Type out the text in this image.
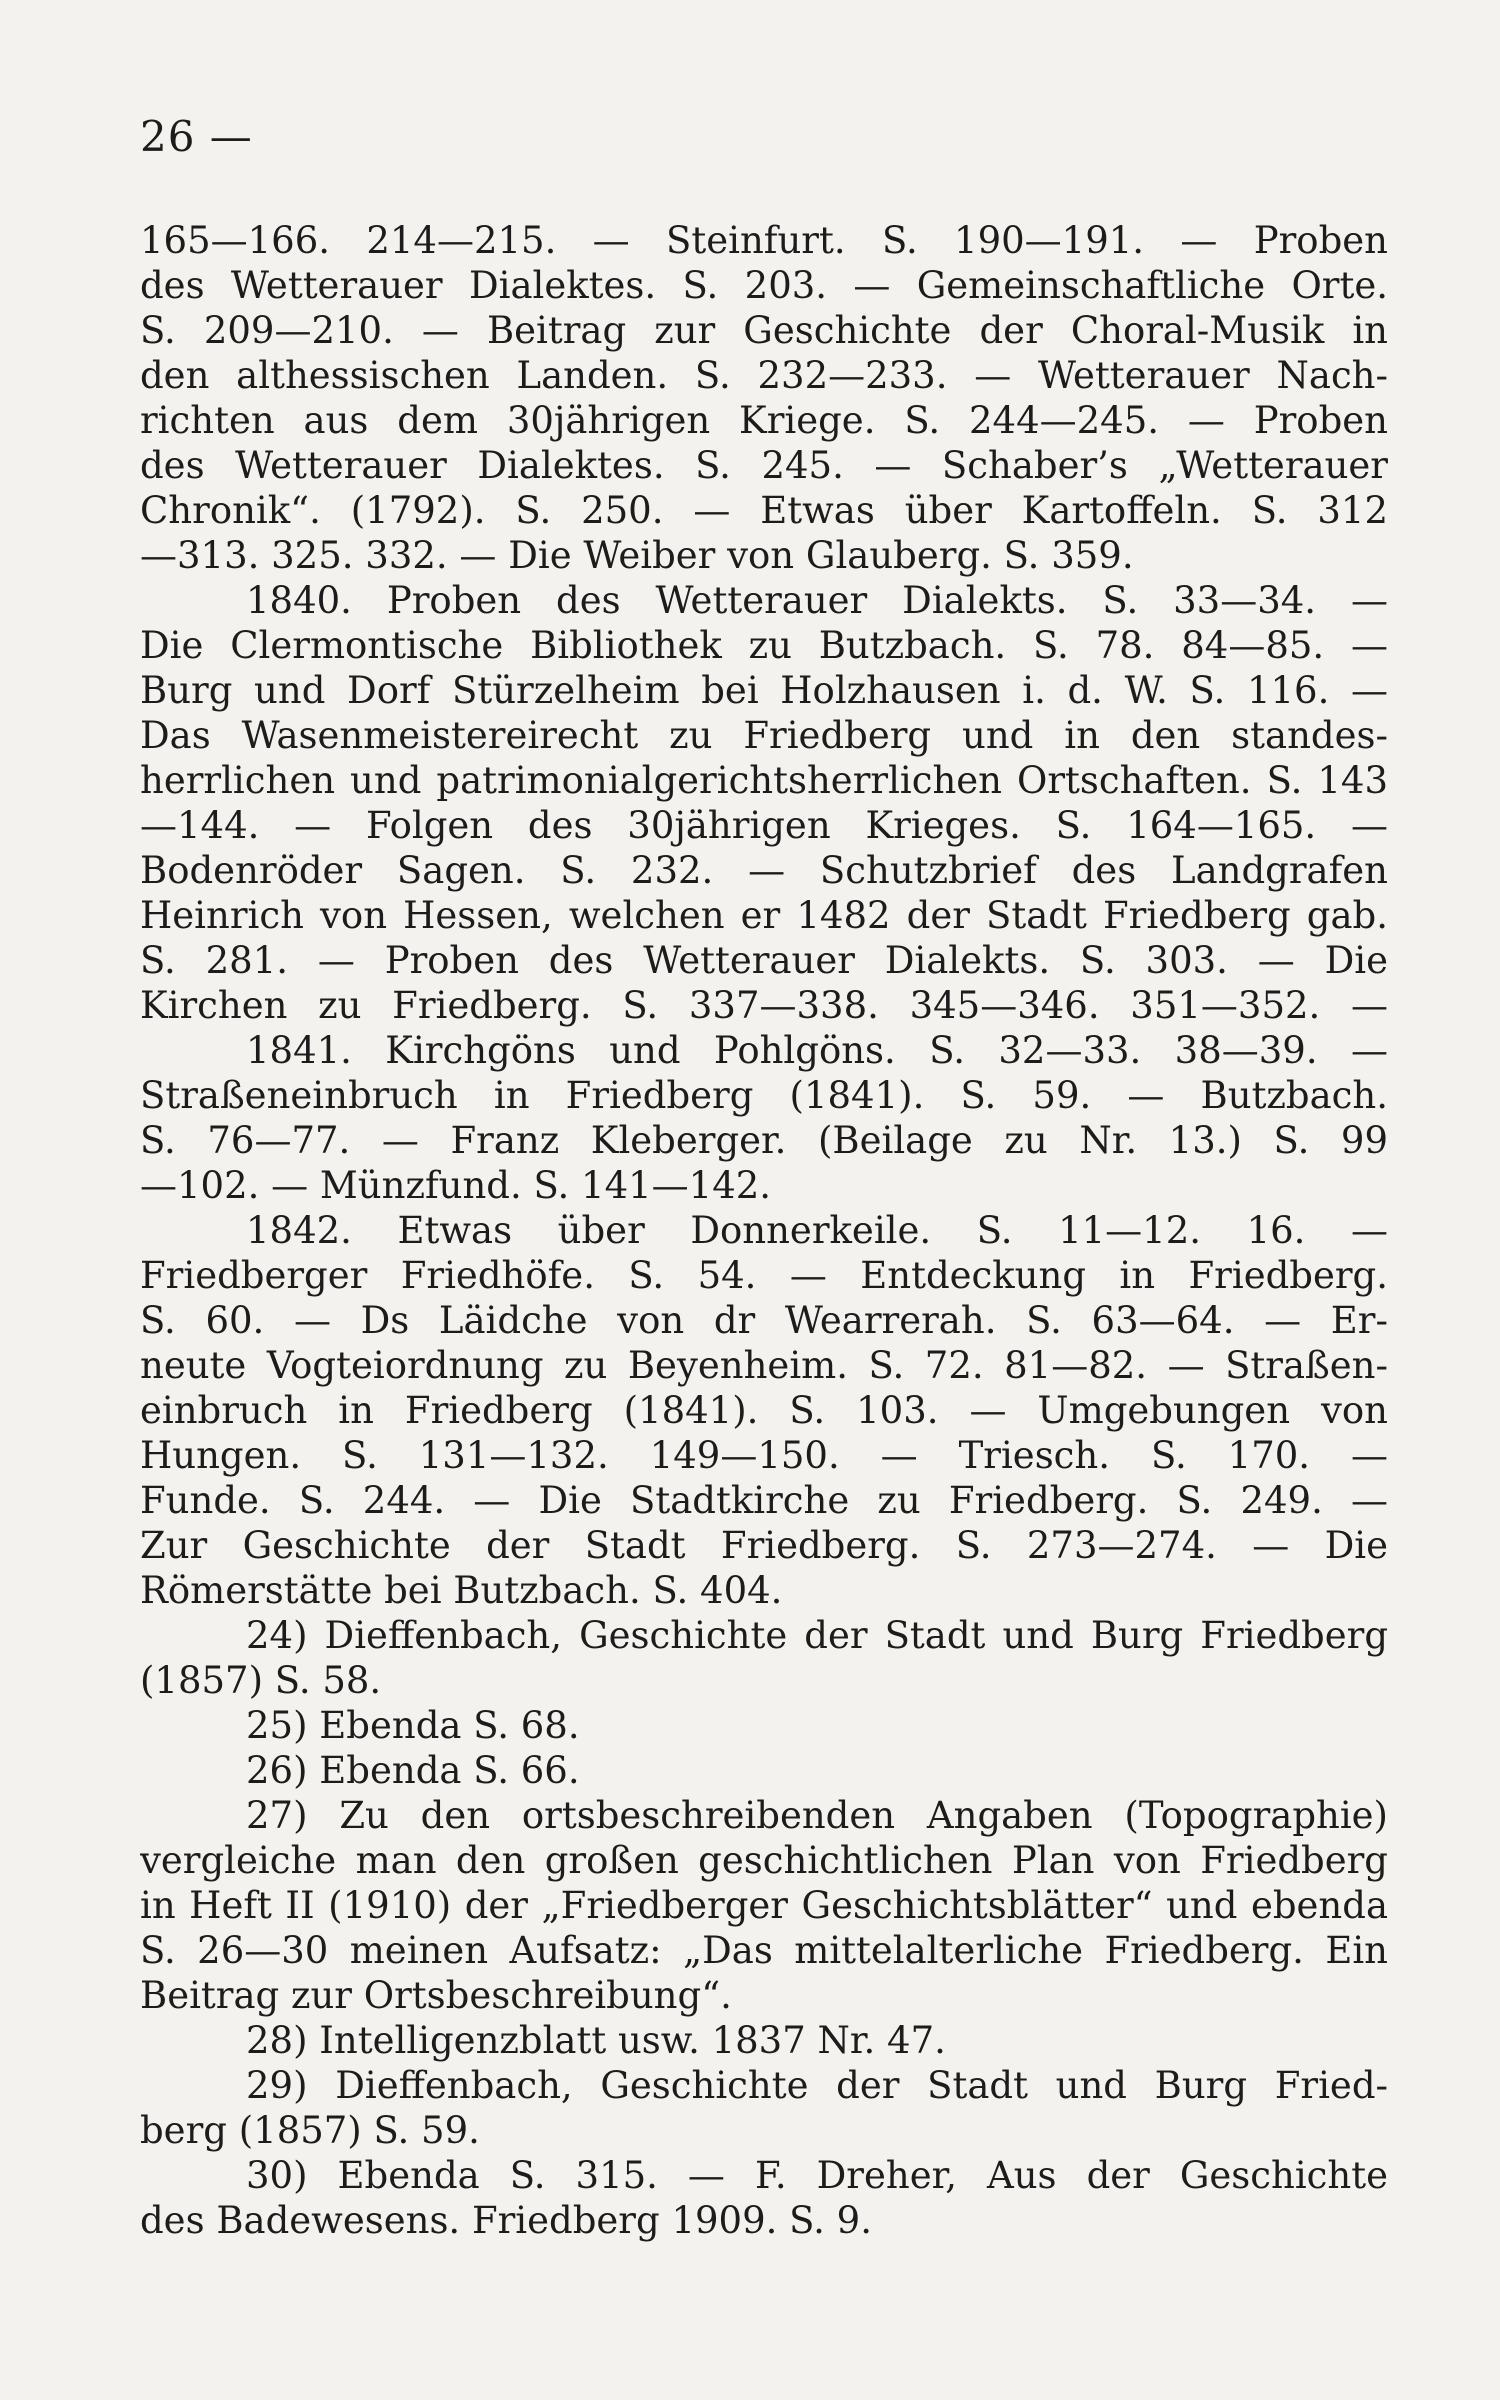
26 —
165—166. 214—215. — Steinfurt. S. 190—191. — Proben
des Wetterauer Dialektes. S. 203. — Gemeinschaftliche Orte.
S. 209—210. — Beitrag zur Geschichte der Choral-Musik in
den althessischen Landen. S. 232—233. — Wetterauer Nach-
richten aus dem 30jährigen Kriege. S. 244—245. — Proben
des Wetterauer Dialektes. S. 245. — Schaber’s „Wetterauer
Chronik“. (1792). S. 250. — Etwas über Kartoffeln. S. 312
—313. 325. 332. — Die Weiber von Glauberg. S. 359.
1840. Proben des Wetterauer Dialekts. S. 33—34. —
Die Clermontische Bibliothek zu Butzbach. S. 78. 84—85. —
Burg und Dorf Stürzelheim bei Holzhausen i. d. W. S. 116. —
Das Wasenmeistereirecht zu Friedberg und in den standes-
herrlichen und patrimonialgerichtsherrlichen Ortschaften. S. 143
—144. — Folgen des 30jährigen Krieges. S. 164—165. —
Bodenröder Sagen. S. 232. — Schutzbrief des Landgrafen
Heinrich von Hessen, welchen er 1482 der Stadt Friedberg gab.
S. 281. — Proben des Wetterauer Dialekts. S. 303. — Die
Kirchen zu Friedberg. S. 337—338. 345—346. 351—352. —
1841. Kirchgöns und Pohlgöns. S. 32—33. 38—39. —
Straßeneinbruch in Friedberg (1841). S. 59. — Butzbach.
S. 76—77. — Franz Kleberger. (Beilage zu Nr. 13.) S. 99
—102. — Münzfund. S. 141—142.
1842. Etwas über Donnerkeile. S. 11—12. 16. —
Friedberger Friedhöfe. S. 54. — Entdeckung in Friedberg.
S. 60. — Ds Läidche von dr Wearrerah. S. 63—64. — Er-
neute Vogteiordnung zu Beyenheim. S. 72. 81—82. — Straßen-
einbruch in Friedberg (1841). S. 103. — Umgebungen von
Hungen. S. 131—132. 149—150. — Triesch. S. 170. —
Funde. S. 244. — Die Stadtkirche zu Friedberg. S. 249. —
Zur Geschichte der Stadt Friedberg. S. 273—274. — Die
Römerstätte bei Butzbach. S. 404.
24) Dieffenbach, Geschichte der Stadt und Burg Friedberg
(1857) S. 58.
25) Ebenda S. 68.
26) Ebenda S. 66.
27) Zu den ortsbeschreibenden Angaben (Topographie)
vergleiche man den großen geschichtlichen Plan von Friedberg
in Heft II (1910) der „Friedberger Geschichtsblätter“ und ebenda
S. 26—30 meinen Aufsatz: „Das mittelalterliche Friedberg. Ein
Beitrag zur Ortsbeschreibung“.
28) Intelligenzblatt usw. 1837 Nr. 47.
29) Dieffenbach, Geschichte der Stadt und Burg Fried-
berg (1857) S. 59.
30) Ebenda S. 315. — F. Dreher, Aus der Geschichte
des Badewesens. Friedberg 1909. S. 9.
